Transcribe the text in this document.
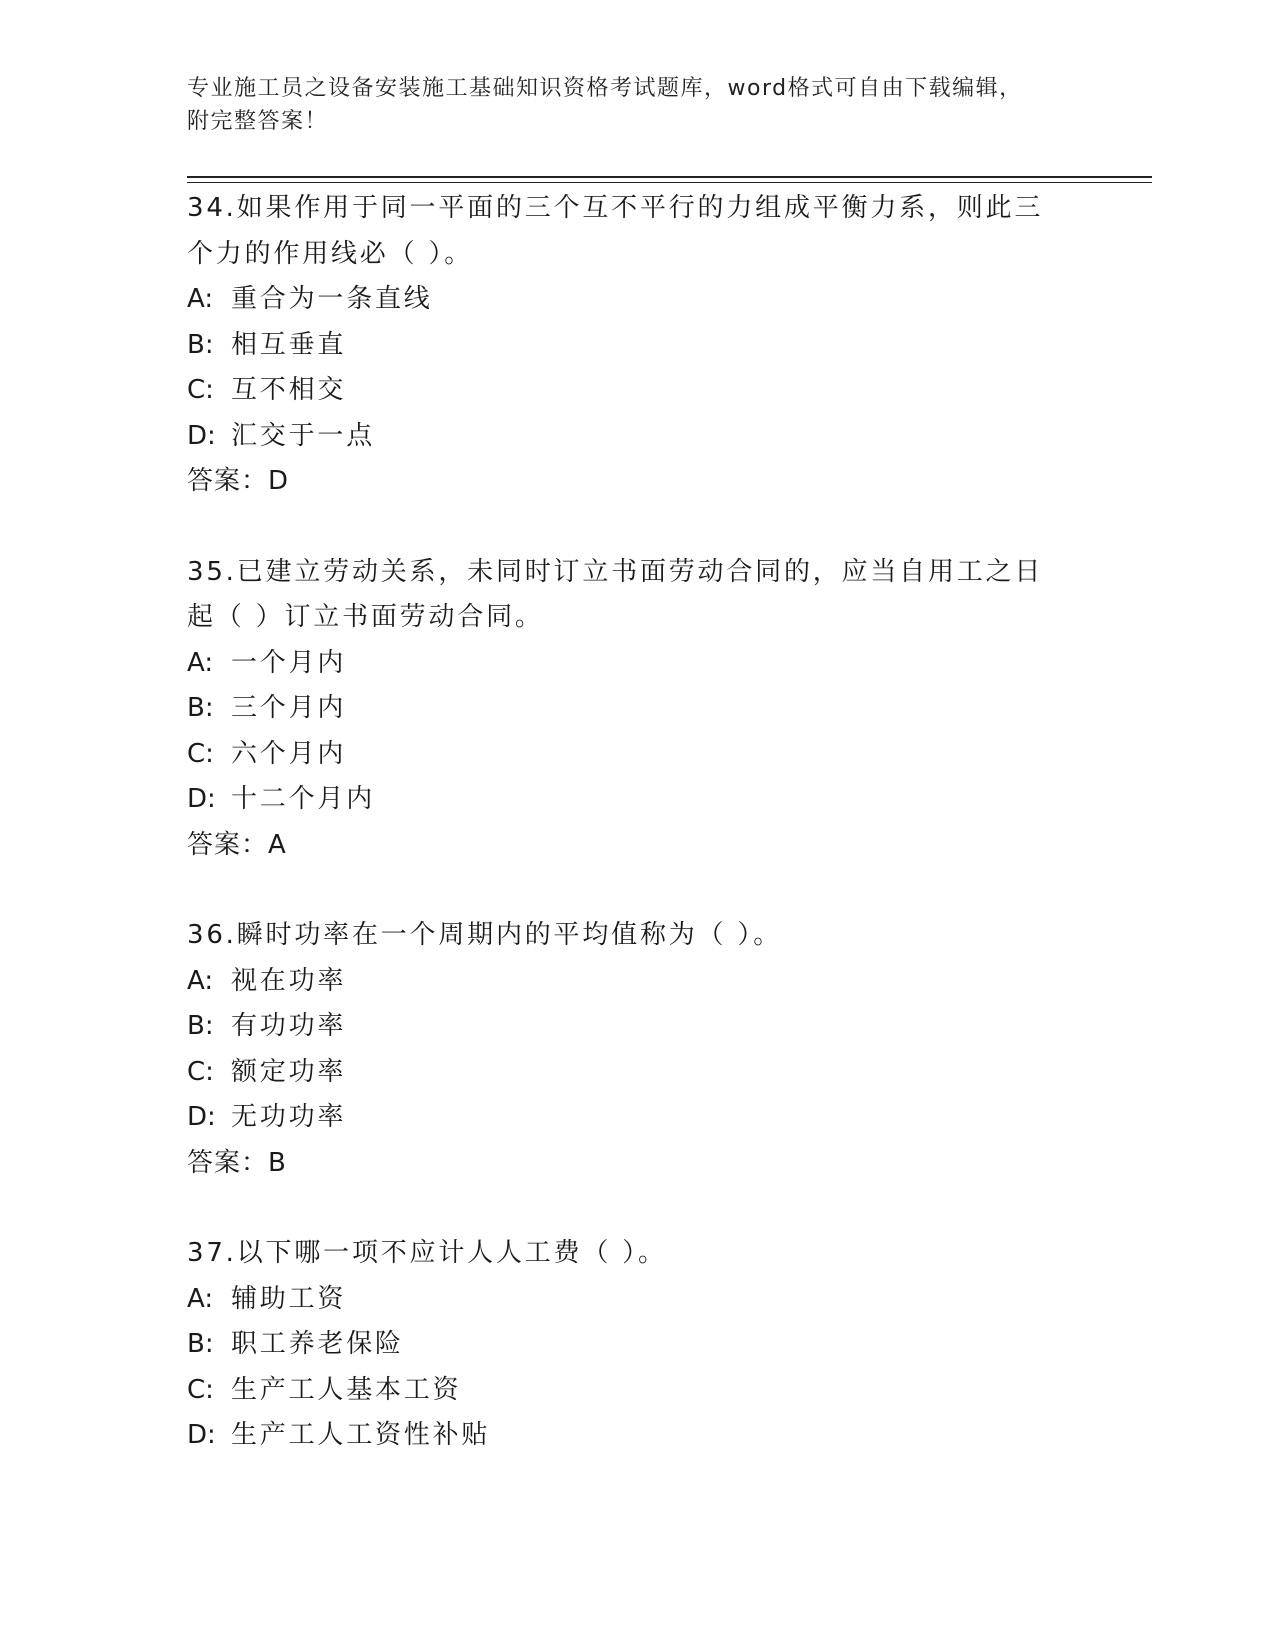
专业施工员之设备安装施工基础知识资格考试题库，word格式可自由下载编辑，
附完整答案！
34.如果作用于同一平面的三个互不平行的力组成平衡力系，则此三个力的作用线必（ ）。
A: 重合为一条直线
B: 相互垂直
C: 互不相交
D: 汇交于一点
答案：D
35.已建立劳动关系，未同时订立书面劳动合同的，应当自用工之日起（ ）订立书面劳动合同。
A: 一个月内
B: 三个月内
C: 六个月内
D: 十二个月内
答案：A
36.瞬时功率在一个周期内的平均值称为（ ）。
A: 视在功率
B: 有功功率
C: 额定功率
D: 无功功率
答案：B
37.以下哪一项不应计人人工费（ ）。
A: 辅助工资
B: 职工养老保险
C: 生产工人基本工资
D: 生产工人工资性补贴
